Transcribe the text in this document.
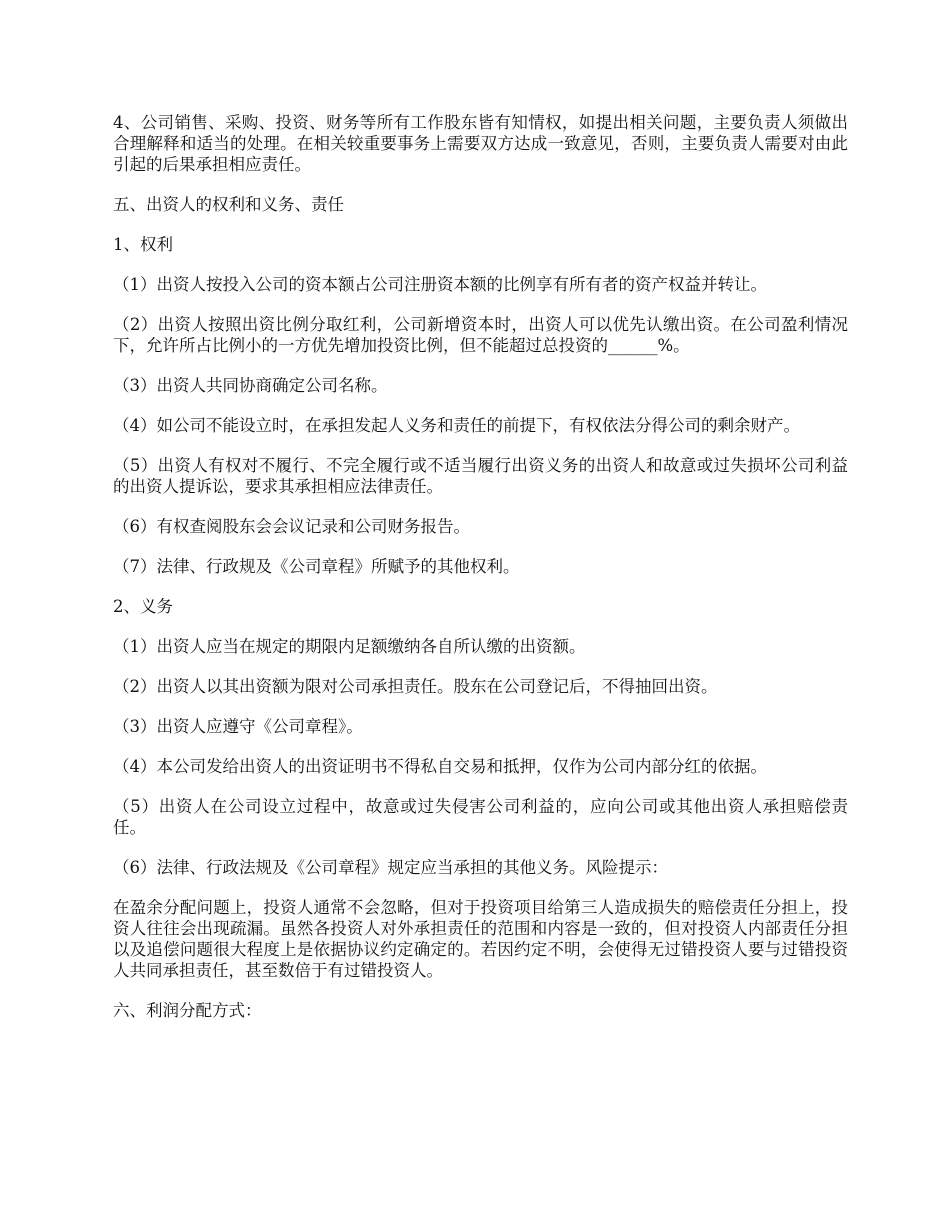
4、公司销售、采购、投资、财务等所有工作股东皆有知情权，如提出相关问题，主要负责人须做出合理解释和适当的处理。在相关较重要事务上需要双方达成一致意见，否则，主要负责人需要对由此引起的后果承担相应责任。

五、出资人的权利和义务、责任

1、权利

（1）出资人按投入公司的资本额占公司注册资本额的比例享有所有者的资产权益并转让。

（2）出资人按照出资比例分取红利，公司新增资本时，出资人可以优先认缴出资。在公司盈利情况下，允许所占比例小的一方优先增加投资比例，但不能超过总投资的______%。

（3）出资人共同协商确定公司名称。

（4）如公司不能设立时，在承担发起人义务和责任的前提下，有权依法分得公司的剩余财产。

（5）出资人有权对不履行、不完全履行或不适当履行出资义务的出资人和故意或过失损坏公司利益的出资人提诉讼，要求其承担相应法律责任。

（6）有权查阅股东会会议记录和公司财务报告。

（7）法律、行政规及《公司章程》所赋予的其他权利。

2、义务

（1）出资人应当在规定的期限内足额缴纳各自所认缴的出资额。

（2）出资人以其出资额为限对公司承担责任。股东在公司登记后，不得抽回出资。

（3）出资人应遵守《公司章程》。

（4）本公司发给出资人的出资证明书不得私自交易和抵押，仅作为公司内部分红的依据。

（5）出资人在公司设立过程中，故意或过失侵害公司利益的，应向公司或其他出资人承担赔偿责任。

（6）法律、行政法规及《公司章程》规定应当承担的其他义务。风险提示：

在盈余分配问题上，投资人通常不会忽略，但对于投资项目给第三人造成损失的赔偿责任分担上，投资人往往会出现疏漏。虽然各投资人对外承担责任的范围和内容是一致的，但对投资人内部责任分担以及追偿问题很大程度上是依据协议约定确定的。若因约定不明，会使得无过错投资人要与过错投资人共同承担责任，甚至数倍于有过错投资人。

六、利润分配方式：
